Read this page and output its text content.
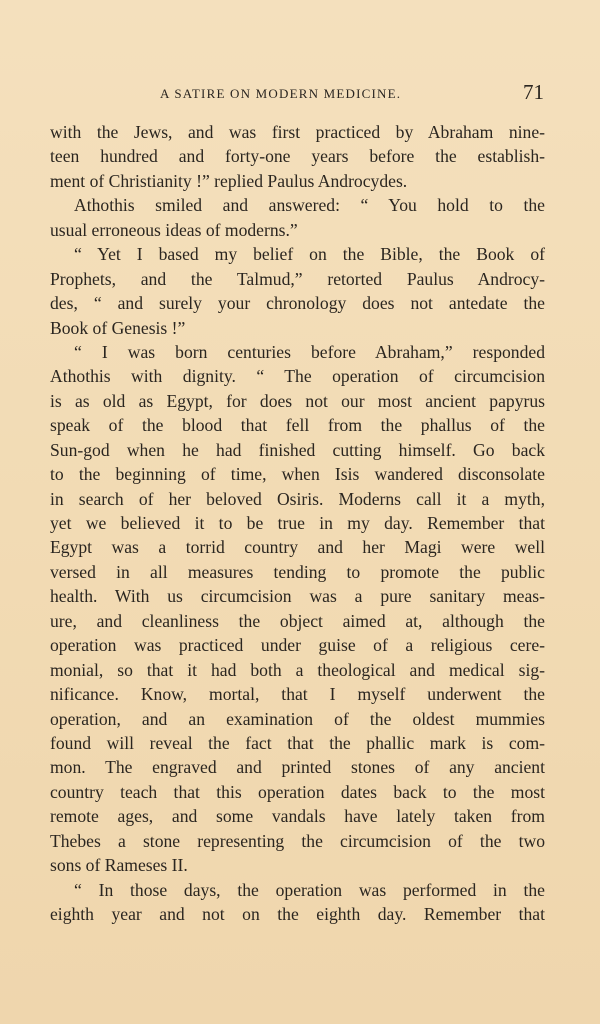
A SATIRE ON MODERN MEDICINE.	71
with the Jews, and was first practiced by Abraham nine-
teen hundred and forty-one years before the establish-
ment of Christianity !” replied Paulus Androcydes.
Athothis smiled and answered: “ You hold to the
usual erroneous ideas of moderns.”
“ Yet I based my belief on the Bible, the Book of
Prophets, and the Talmud,” retorted Paulus Androcy-
des, “ and surely your chronology does not antedate the
Book of Genesis !”
“ I was born centuries before Abraham,” responded
Athothis with dignity. “ The operation of circumcision
is as old as Egypt, for does not our most ancient papyrus
speak of the blood that fell from the phallus of the
Sun-god when he had finished cutting himself. Go back
to the beginning of time, when Isis wandered disconsolate
in search of her beloved Osiris. Moderns call it a myth,
yet we believed it to be true in my day. Remember that
Egypt was a torrid country and her Magi were well
versed in all measures tending to promote the public
health. With us circumcision was a pure sanitary meas-
ure, and cleanliness the object aimed at, although the
operation was practiced under guise of a religious cere-
monial, so that it had both a theological and medical sig-
nificance. Know, mortal, that I myself underwent the
operation, and an examination of the oldest mummies
found will reveal the fact that the phallic mark is com-
mon. The engraved and printed stones of any ancient
country teach that this operation dates back to the most
remote ages, and some vandals have lately taken from
Thebes a stone representing the circumcision of the two
sons of Rameses II.
“ In those days, the operation was performed in the
eighth year and not on the eighth day. Remember that
